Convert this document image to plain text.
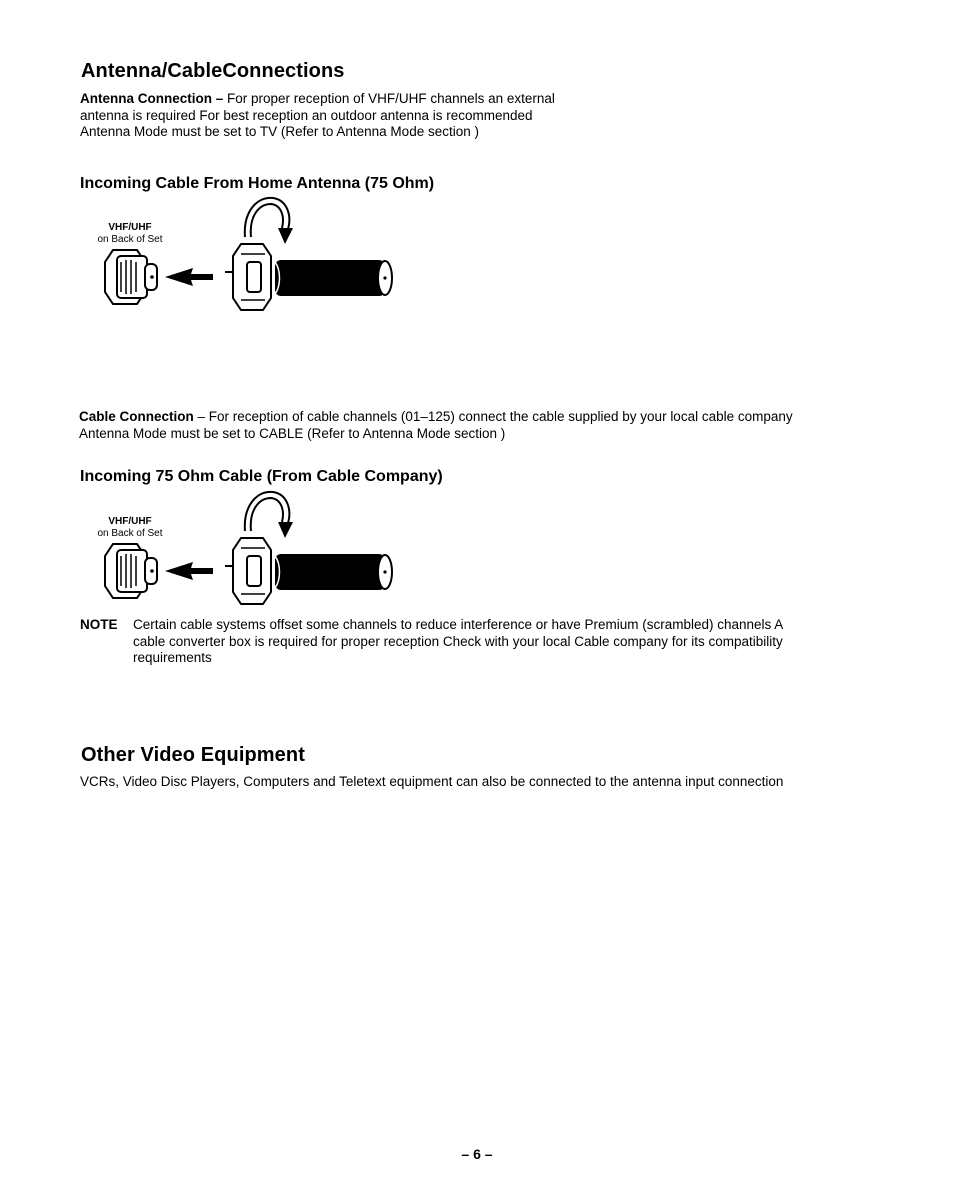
Antenna/CableConnections
Antenna Connection – For proper reception of VHF/UHF channels an external
antenna is required For best reception an outdoor antenna is recommended
Antenna Mode must be set to TV (Refer to Antenna Mode section )
Incoming Cable From Home Antenna (75 Ohm)
VHF/UHF
on Back of Set
Cable Connection – For reception of cable channels (01–125) connect the cable supplied by your local cable company
Antenna Mode must be set to CABLE (Refer to Antenna Mode section )
Incoming 75 Ohm Cable (From Cable Company)
VHF/UHF
on Back of Set
NOTE Certain cable systems offset some channels to reduce interference or have Premium (scrambled) channels A
cable converter box is required for proper reception Check with your local Cable company for its compatibility
requirements
Other Video Equipment
VCRs, Video Disc Players, Computers and Teletext equipment can also be connected to the antenna input connection
– 6 –
